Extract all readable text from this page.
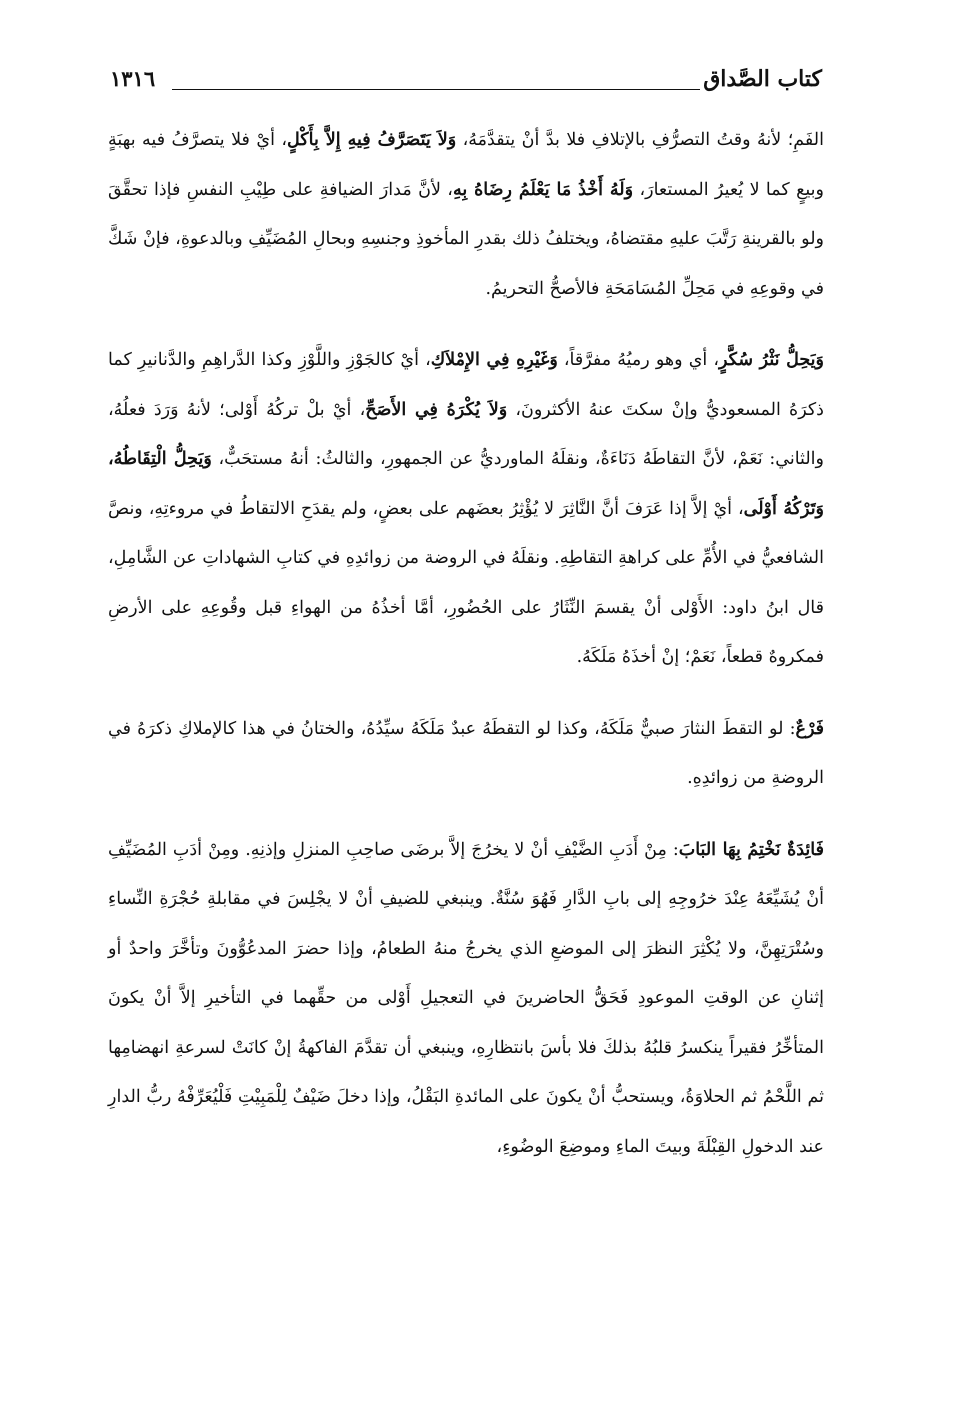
١٣١٦	كتاب الصَّداق

الفَمِ؛ لأنهُ وقتُ التصرُّفِ بالإتلافِ فلا بدَّ أنْ يتقدَّمَهُ، وَلاَ يَتَصَرَّفُ فِيهِ إِلاَّ بِأَكْلٍ، أيْ فلا يتصرَّفُ فيه بهبَةٍ وبيعٍ كما لا يُعيرُ المستعارَ، وَلَهُ أَخْذُ مَا يَعْلَمُ رِضَاهُ بِهِ، لأنَّ مَدارَ الضيافةِ على طِيْبِ النفسِ فإذا تحقَّقَ ولو بالقرينةِ رَتَّبَ عليهِ مقتضاهُ، ويختلفُ ذلك بقدرِ المأخوذِ وجنسِهِ وبحالِ المُضَيِّفِ وبالدعوةِ، فإنْ شَكَّ في وقوعِهِ في مَحِلِّ المُسَامَحَةِ فالأصحُّ التحريمُ.

وَيَحِلُّ نَثْرُ سُكَّرٍ، أي وهو رميُهُ مفرَّقاً، وَغَيْرِهِ فِي الإِمْلاَكِ، أيْ كالجَوْزِ واللَّوْزِ وكذا الدَّراهِمِ والدَّنانيرِ كما ذكرَهُ المسعوديُّ وإنْ سكتَ عنهُ الأكثرونَ، وَلاَ يُكْرَهُ فِي الأَصَحِّ، أيْ بلْ تركُهُ أَوْلى؛ لأنهُ وَرَدَ فعلُهُ، والثاني: نَعَمْ، لأنَّ التقاطَهُ دَنَاءَةٌ، ونقلَهُ الماورديُّ عن الجمهورِ، والثالثُ: أنهُ مستحَبٌّ، وَيَحِلُّ الْتِقَاطُهُ، وَتَرْكُهُ أَوْلَى، أيْ إلاَّ إذا عَرَفَ أنَّ النَّاثِرَ لا يُؤْثِرُ بعضَهم على بعضٍ، ولم يقدَحِ الالتقاطُ في مروءتِهِ، ونصَّ الشافعيُّ في الأُمِّ على كراهةِ التقاطِهِ. ونقلَهُ في الروضة من زوائدِهِ في كتابِ الشهاداتِ عن الشَّامِلِ، قال ابنُ داود: الأَوْلى أنْ يقسمَ النِّثَارُ على الحُضُورِ، أمَّا أخذُهُ من الهواءِ قبل وقُوعِهِ على الأرضِ فمكروهٌ قطعاً، نَعَمْ؛ إنْ أخذَهُ مَلَكَهُ.

فَرْعٌ: لو التقطَ النثارَ صبيٌّ مَلَكَهُ، وكذا لو التقطَهُ عبدٌ مَلَكَهُ سيِّدُهُ، والختانُ في هذا كالإملاكِ ذكرَهُ في الروضةِ من زوائدِهِ.

فَائِدَةٌ نَخْتِمُ بِهَا البَابَ: مِنْ أَدَبِ الضَّيْفِ أنْ لا يخرُجَ إلاَّ برضَى صاحِبِ المنزلِ وإذنِهِ. ومِنْ أدَبِ المُضَيِّفِ أنْ يُشَيِّعَهُ عِنْدَ خرُوجِهِ إلى بابِ الدَّارِ فَهُوَ سُنَّةٌ. وينبغي للضيفِ أنْ لا يجْلِسَ في مقابلةِ حُجْرَةِ النِّساءِ وسُتْرَتِهِنَّ، ولا يُكْثِرَ النظرَ إلى الموضعِ الذي يخرجُ منهُ الطعامُ، وإذا حضرَ المدعُوُّونَ وتأخَّرَ واحدٌ أو إثنانِ عن الوقتِ الموعودِ فَحَقُّ الحاضرينَ في التعجيلِ أَوْلى من حقِّهما في التأخيرِ إلاَّ أنْ يكونَ المتأخِّرُ فقيراً ينكسرُ قلبُهُ بذلكَ فلا بأسَ بانتظارِهِ، وينبغي أن تقدَّمَ الفاكهةُ إنْ كانَتْ لسرعةِ انهضامِها ثم اللَّحْمُ ثم الحلاوَةُ، ويستحبُّ أنْ يكونَ على المائدةِ البَقْلُ، وإذا دخلَ ضَيْفٌ لِلْمَبِيْتِ فَلْيُعَرِّفْهُ ربُّ الدارِ عند الدخولِ القِبْلَةَ وبيتَ الماءِ وموضِعَ الوضُوءِ،
